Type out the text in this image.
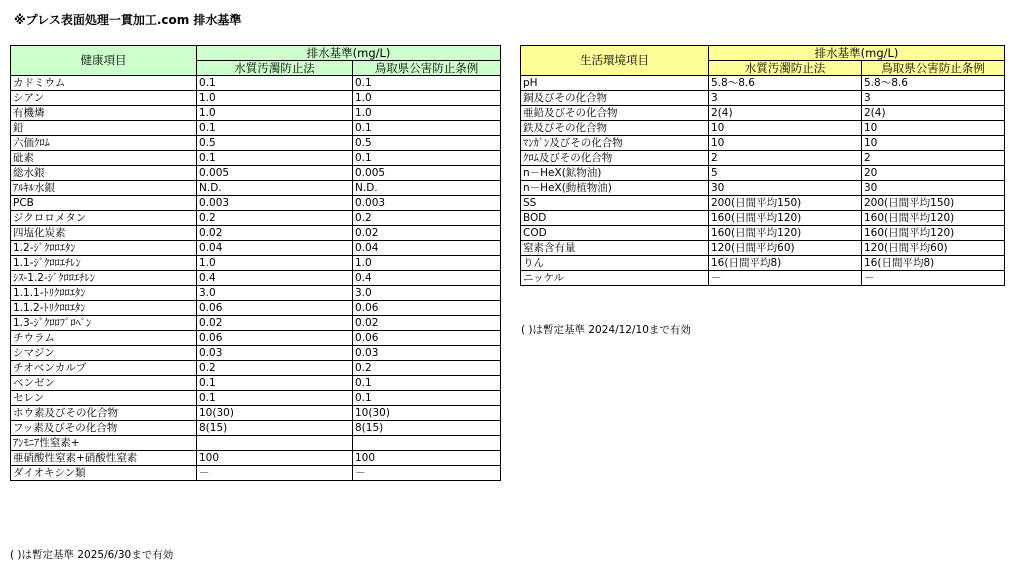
※プレス表面処理一貫加工.com 排水基準
健康項目	排水基準(mg/L)	
	水質汚濁防止法	鳥取県公害防止条例
カドミウム	0.1	0.1
シアン	1.0	1.0
有機燐	1.0	1.0
鉛	0.1	0.1
六価ｸﾛﾑ	0.5	0.5
砒素	0.1	0.1
総水銀	0.005	0.005
ｱﾙｷﾙ水銀	N.D.	N.D.
PCB	0.003	0.003
ジクロロメタン	0.2	0.2
四塩化炭素	0.02	0.02
1.2-ｼﾞｸﾛﾛｴﾀﾝ	0.04	0.04
1.1-ｼﾞｸﾛﾛｴﾁﾚﾝ	1.0	1.0
ｼｽ-1.2-ｼﾞｸﾛﾛｴﾁﾚﾝ	0.4	0.4
1.1.1-ﾄﾘｸﾛﾛｴﾀﾝ	3.0	3.0
1.1.2-ﾄﾘｸﾛﾛｴﾀﾝ	0.06	0.06
1.3-ｼﾞｸﾛﾛﾌﾟﾛﾍﾟﾝ	0.02	0.02
チウラム	0.06	0.06
シマジン	0.03	0.03
チオベンカルブ	0.2	0.2
ベンゼン	0.1	0.1
セレン	0.1	0.1
ホウ素及びその化合物	10(30)	10(30)
フッ素及びその化合物	8(15)	8(15)
ｱﾝﾓﾆｱ性窒素+		
亜硝酸性窒素+硝酸性窒素	100	100
ダイオキシン類	－	－
( )は暫定基準 2025/6/30まで有効
生活環境項目	排水基準(mg/L)	
	水質汚濁防止法	鳥取県公害防止条例
pH	5.8～8.6	5.8～8.6
銅及びその化合物	3	3
亜鉛及びその化合物	2(4)	2(4)
鉄及びその化合物	10	10
ﾏﾝｶﾞﾝ及びその化合物	10	10
ｸﾛﾑ及びその化合物	2	2
n－HeX(鉱物油)	5	20
n－HeX(動植物油)	30	30
SS	200(日間平均150)	200(日間平均150)
BOD	160(日間平均120)	160(日間平均120)
COD	160(日間平均120)	160(日間平均120)
窒素含有量	120(日間平均60)	120(日間平均60)
りん	16(日間平均8)	16(日間平均8)
ニッケル	－	－
( )は暫定基準 2024/12/10まで有効
